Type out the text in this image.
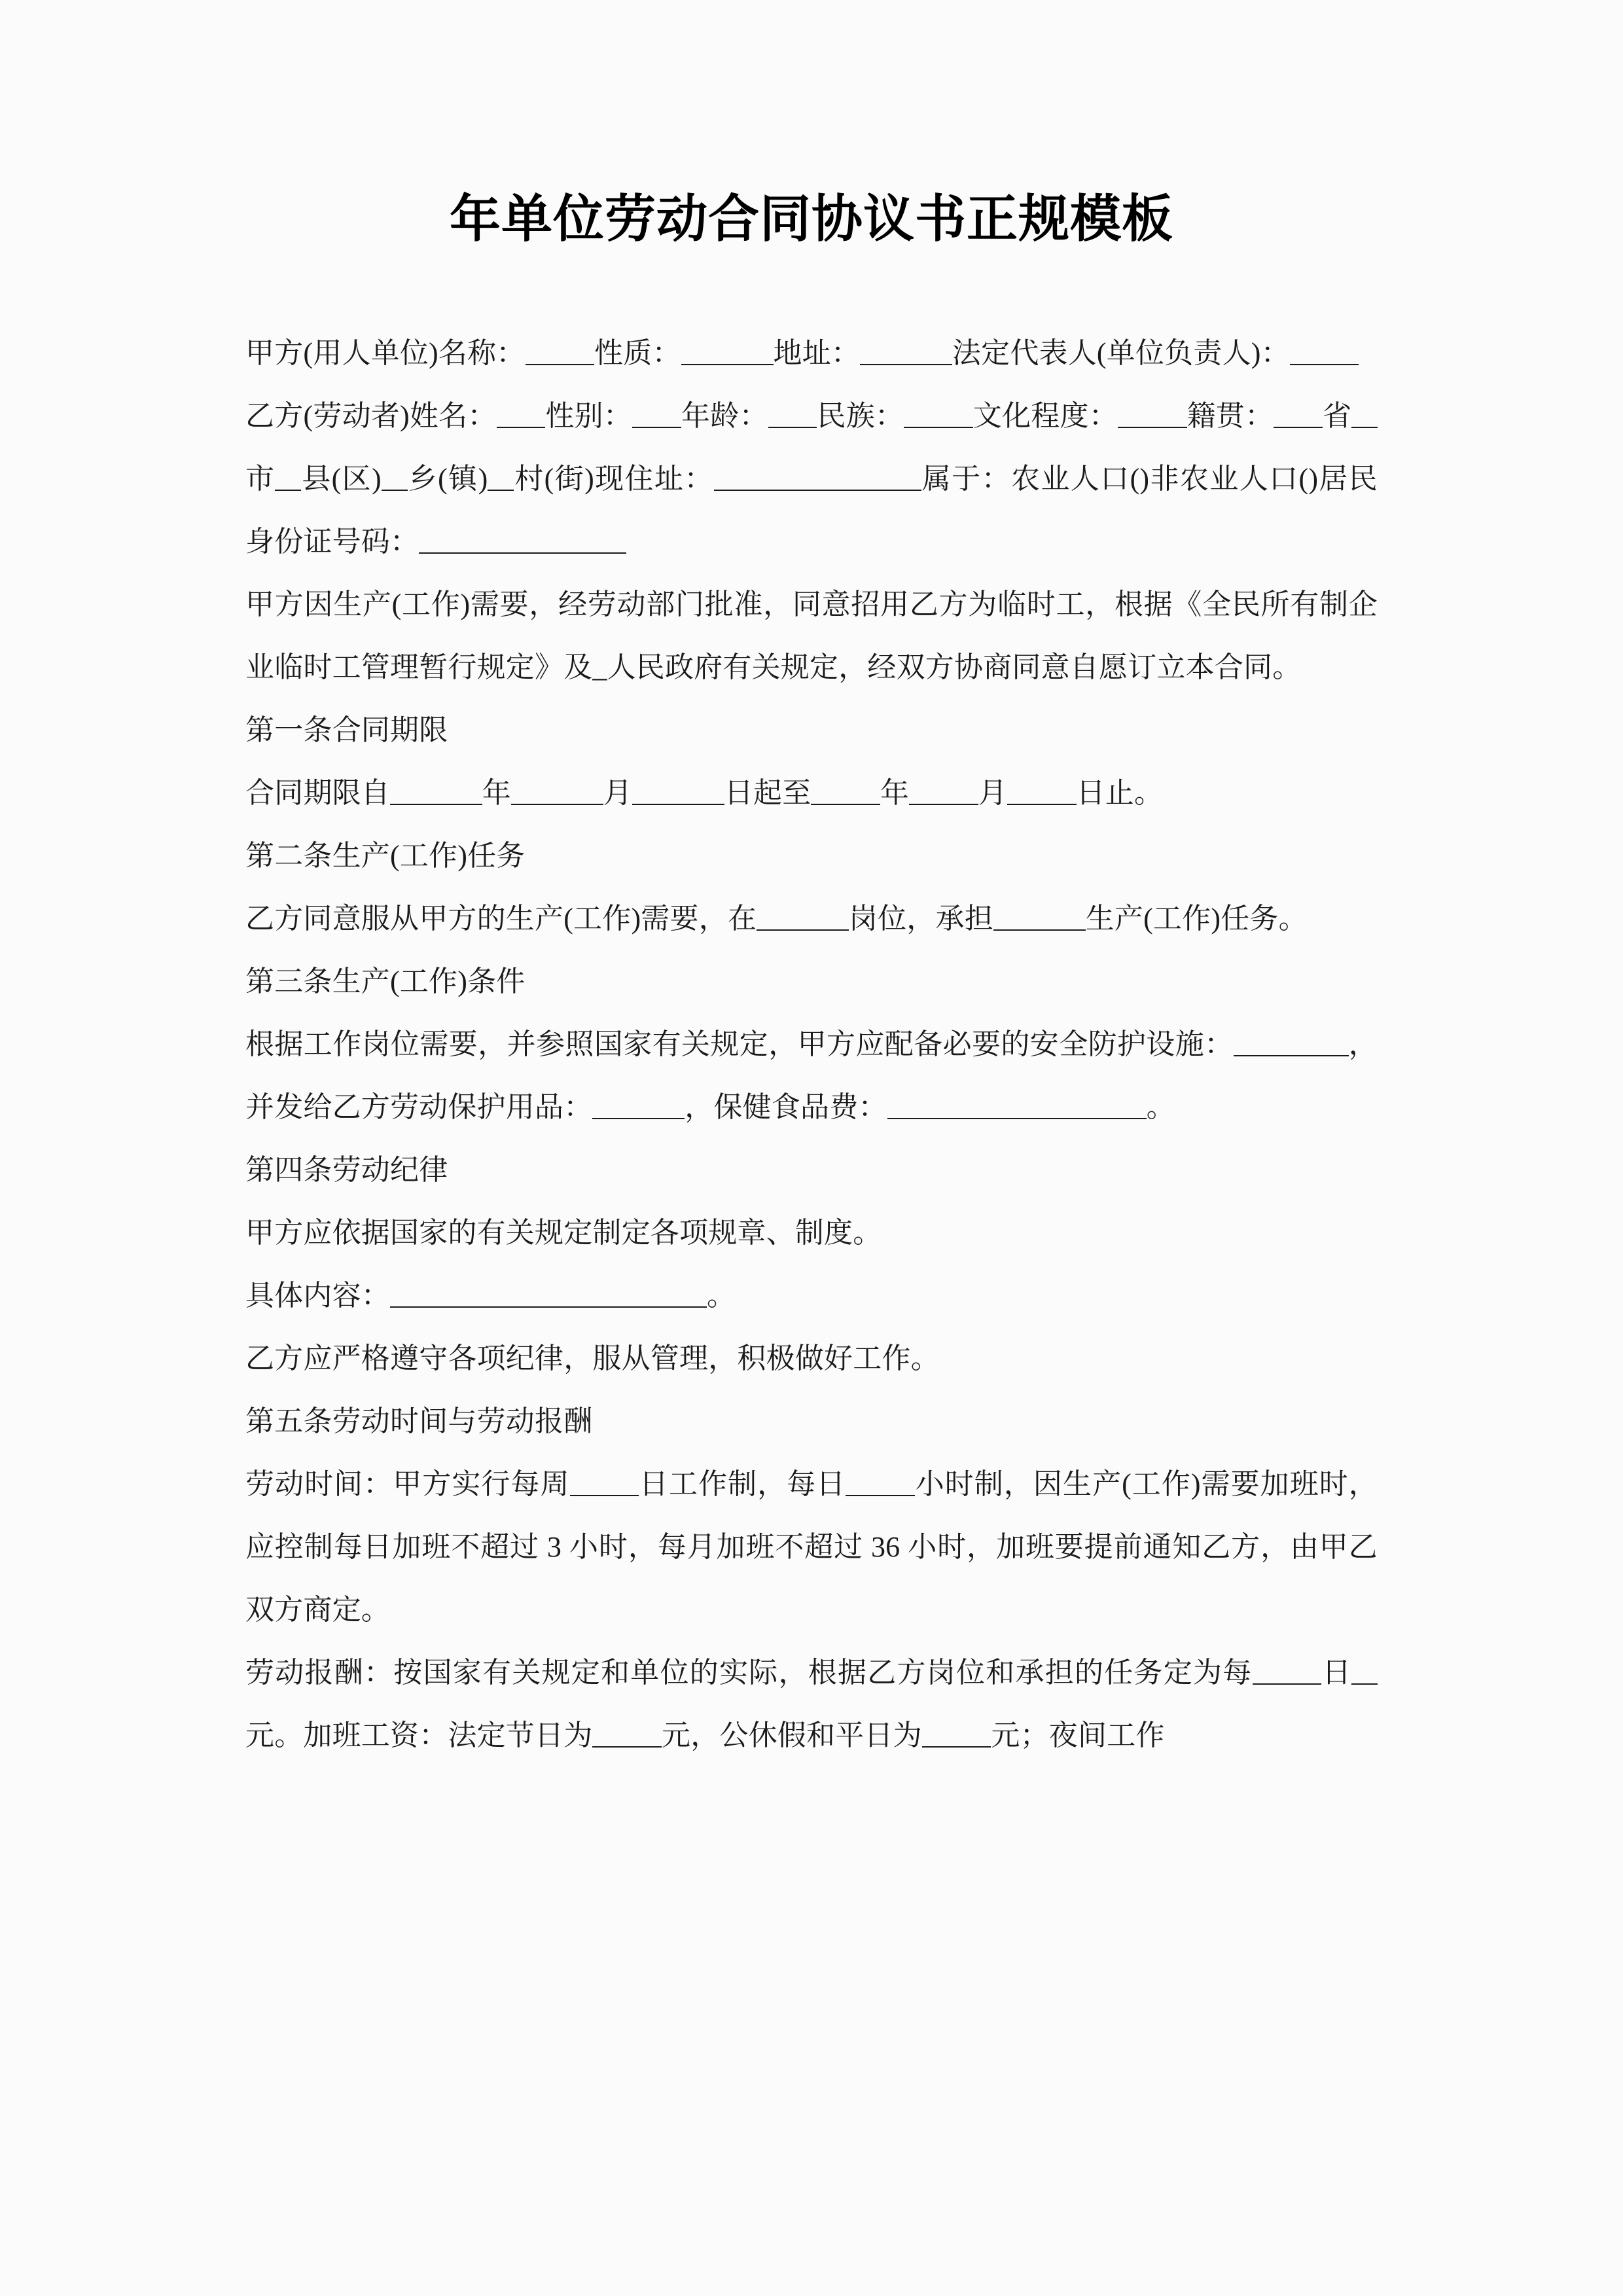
年单位劳动合同协议书正规模板

甲方(用人单位)名称： 性质：	地址：	法定代表人(单位负责人)：

乙方(劳动者)姓名： 性别： 年龄： 民族： 文化程度： 籍贯： 省市 县(区) 乡(镇) 村(街)现住址：	属于：农业人口()非农业人口()居民身份证号码：

甲方因生产(工作)需要，经劳动部门批准，同意招用乙方为临时工，根据《全民所有制企业临时工管理暂行规定》及_人民政府有关规定，经双方协商同意自愿订立本合同。

第一条合同期限

合同期限自	年	月	日起至 年 月 日止。

第二条生产(工作)任务

乙方同意服从甲方的生产(工作)需要，在	岗位，承担	生产(工作)任务。

第三条生产(工作)条件

根据工作岗位需要，并参照国家有关规定，甲方应配备必要的安全防护设施：	，并发给乙方劳动保护用品：	，保健食品费：	。

第四条劳动纪律

甲方应依据国家的有关规定制定各项规章、制度。

具体内容：	。

乙方应严格遵守各项纪律，服从管理，积极做好工作。

第五条劳动时间与劳动报酬

劳动时间：甲方实行每周 日工作制，每日 小时制，因生产(工作)需要加班时，应控制每日加班不超过 3 小时，每月加班不超过 36 小时，加班要提前通知乙方，由甲乙双方商定。

劳动报酬：按国家有关规定和单位的实际，根据乙方岗位和承担的任务定为每 日元。加班工资：法定节日为 元，公休假和平日为 元；夜间工作
